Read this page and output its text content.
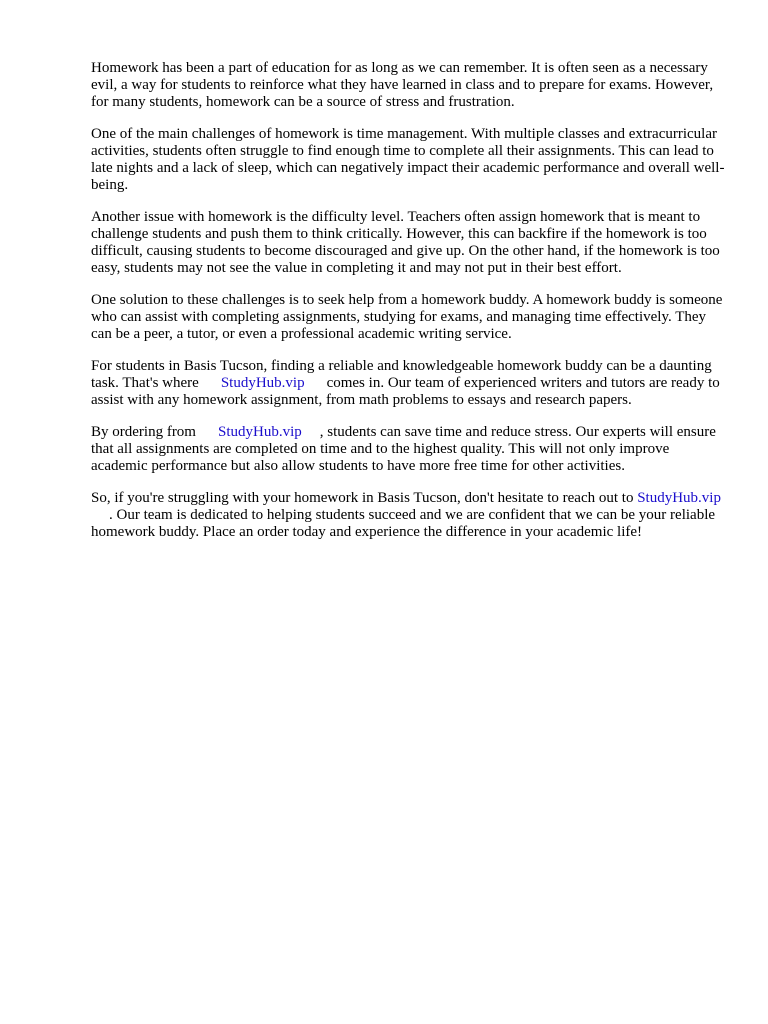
Homework has been a part of education for as long as we can remember. It is often seen as a necessary evil, a way for students to reinforce what they have learned in class and to prepare for exams. However, for many students, homework can be a source of stress and frustration.

One of the main challenges of homework is time management. With multiple classes and extracurricular activities, students often struggle to find enough time to complete all their assignments. This can lead to late nights and a lack of sleep, which can negatively impact their academic performance and overall well-being.

Another issue with homework is the difficulty level. Teachers often assign homework that is meant to challenge students and push them to think critically. However, this can backfire if the homework is too difficult, causing students to become discouraged and give up. On the other hand, if the homework is too easy, students may not see the value in completing it and may not put in their best effort.

One solution to these challenges is to seek help from a homework buddy. A homework buddy is someone who can assist with completing assignments, studying for exams, and managing time effectively. They can be a peer, a tutor, or even a professional academic writing service.

For students in Basis Tucson, finding a reliable and knowledgeable homework buddy can be a daunting task. That's where StudyHub.vip comes in. Our team of experienced writers and tutors are ready to assist with any homework assignment, from math problems to essays and research papers.

By ordering from StudyHub.vip , students can save time and reduce stress. Our experts will ensure that all assignments are completed on time and to the highest quality. This will not only improve academic performance but also allow students to have more free time for other activities.

So, if you're struggling with your homework in Basis Tucson, don't hesitate to reach out to StudyHub.vip. Our team is dedicated to helping students succeed and we are confident that we can be your reliable homework buddy. Place an order today and experience the difference in your academic life!
